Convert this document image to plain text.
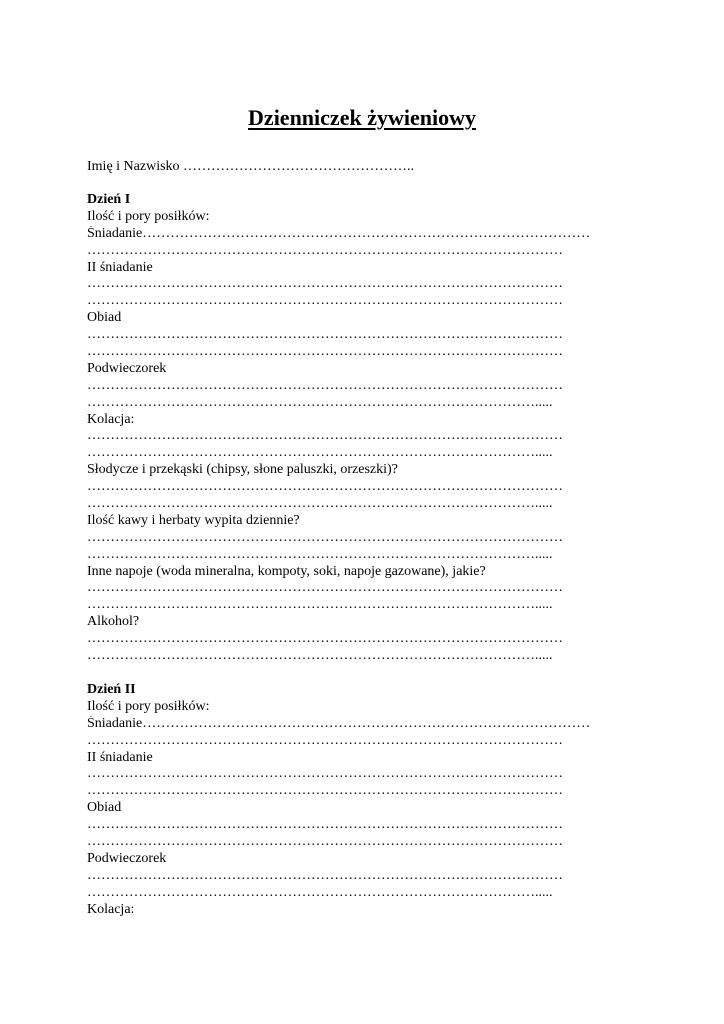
Dzienniczek żywieniowy
Imię i Nazwisko …………………………………………..
Dzień I
Ilość i pory posiłków:
Śniadanie……………………………………………………………………………………
…………………………………………………………………………………………
II śniadanie
…………………………………………………………………………………………
…………………………………………………………………………………………
Obiad
…………………………………………………………………………………………
…………………………………………………………………………………………
Podwieczorek
…………………………………………………………………………………………
…………………………………………………………………………………….....
Kolacja:
…………………………………………………………………………………………
…………………………………………………………………………………….....
Słodycze i przekąski (chipsy, słone paluszki, orzeszki)?
…………………………………………………………………………………………
…………………………………………………………………………………….....
Ilość kawy i herbaty wypita dziennie?
…………………………………………………………………………………………
…………………………………………………………………………………….....
Inne napoje (woda mineralna, kompoty, soki, napoje gazowane), jakie?
…………………………………………………………………………………………
…………………………………………………………………………………….....
Alkohol?
…………………………………………………………………………………………
…………………………………………………………………………………….....
Dzień II
Ilość i pory posiłków:
Śniadanie……………………………………………………………………………………
…………………………………………………………………………………………
II śniadanie
…………………………………………………………………………………………
…………………………………………………………………………………………
Obiad
…………………………………………………………………………………………
…………………………………………………………………………………………
Podwieczorek
…………………………………………………………………………………………
…………………………………………………………………………………….....
Kolacja:
